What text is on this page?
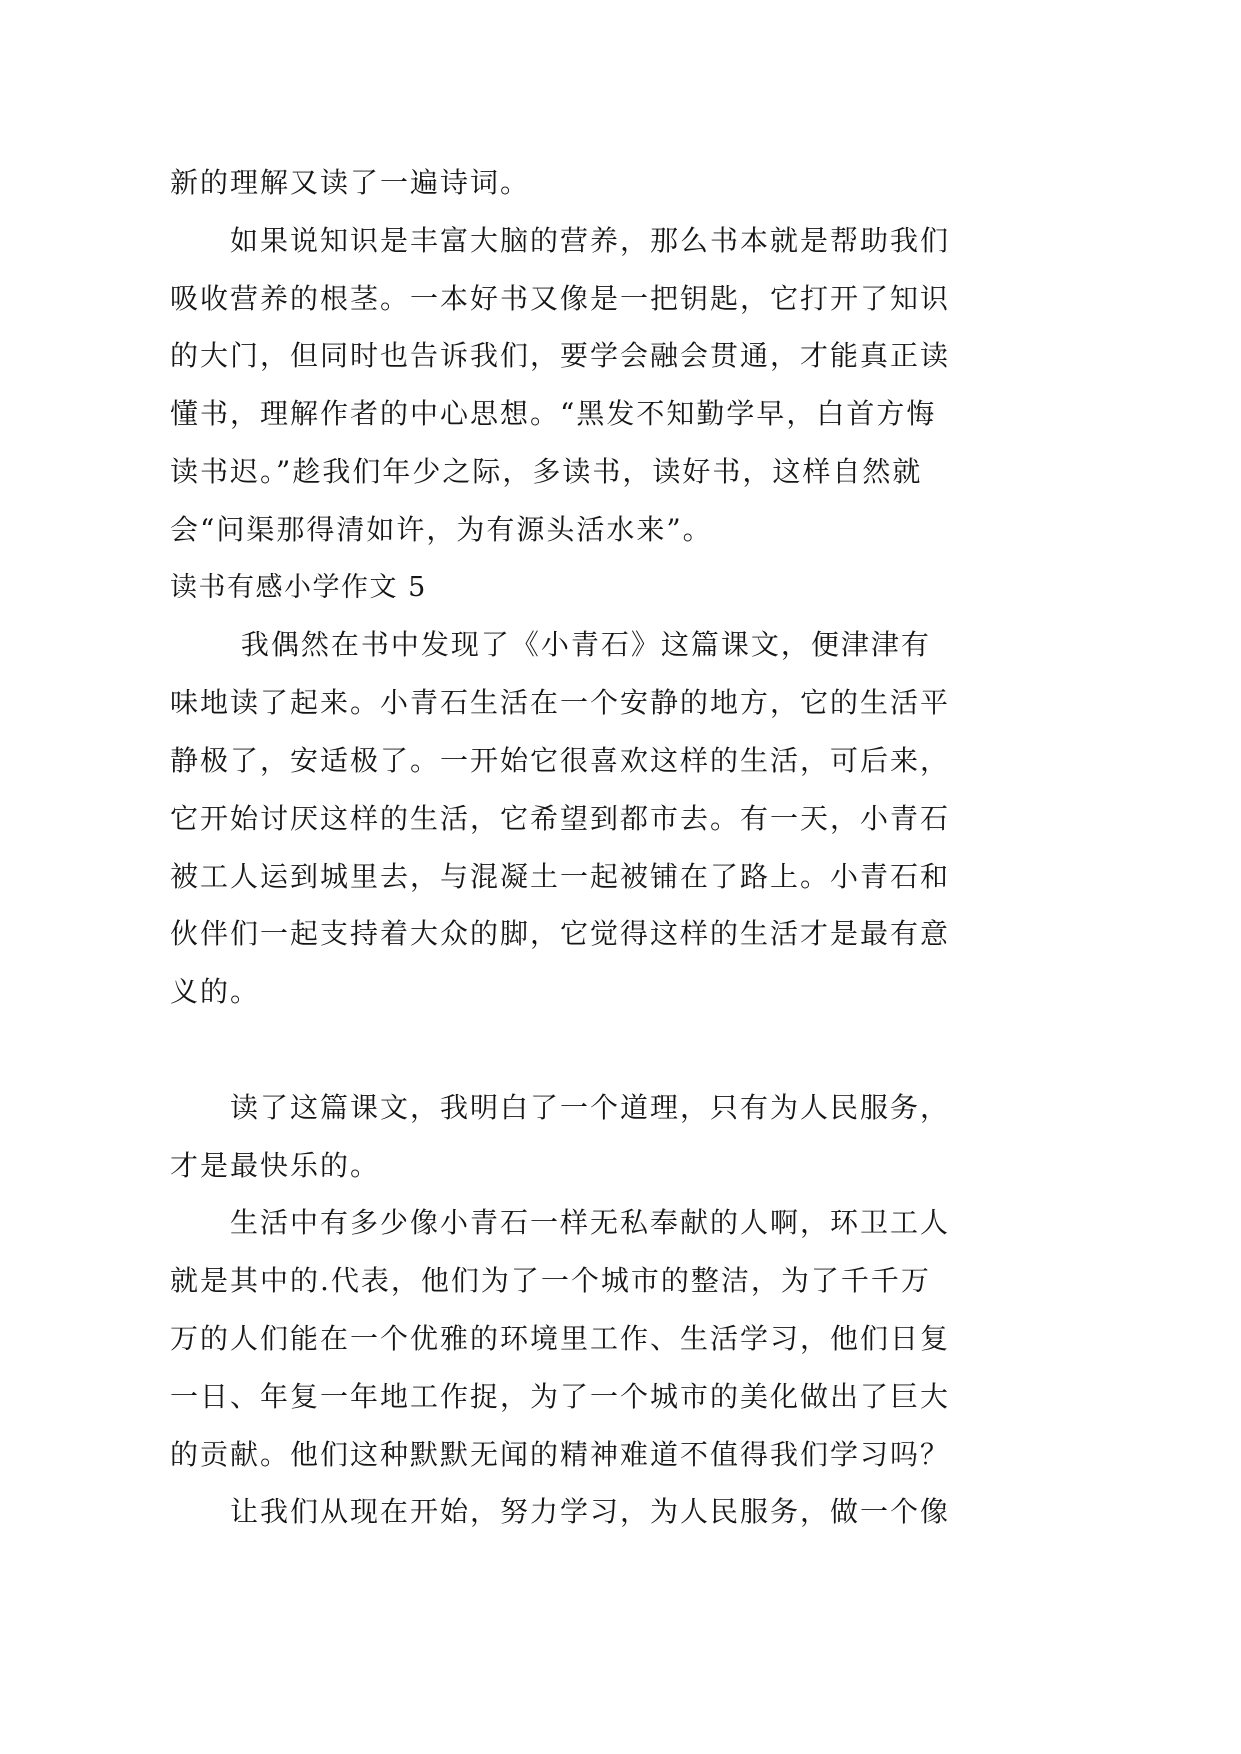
新的理解又读了一遍诗词。
如果说知识是丰富大脑的营养，那么书本就是帮助我们
吸收营养的根茎。一本好书又像是一把钥匙，它打开了知识
的大门，但同时也告诉我们，要学会融会贯通，才能真正读
懂书，理解作者的中心思想。“黑发不知勤学早，白首方悔
读书迟。”趁我们年少之际，多读书，读好书，这样自然就
会“问渠那得清如许，为有源头活水来”。
读书有感小学作文 5
我偶然在书中发现了《小青石》这篇课文，便津津有
味地读了起来。小青石生活在一个安静的地方，它的生活平
静极了，安适极了。一开始它很喜欢这样的生活，可后来，
它开始讨厌这样的生活，它希望到都市去。有一天，小青石
被工人运到城里去，与混凝土一起被铺在了路上。小青石和
伙伴们一起支持着大众的脚，它觉得这样的生活才是最有意
义的。
读了这篇课文，我明白了一个道理，只有为人民服务，
才是最快乐的。
生活中有多少像小青石一样无私奉献的人啊，环卫工人
就是其中的.代表，他们为了一个城市的整洁，为了千千万
万的人们能在一个优雅的环境里工作、生活学习，他们日复
一日、年复一年地工作捉，为了一个城市的美化做出了巨大
的贡献。他们这种默默无闻的精神难道不值得我们学习吗？
让我们从现在开始，努力学习，为人民服务，做一个像
